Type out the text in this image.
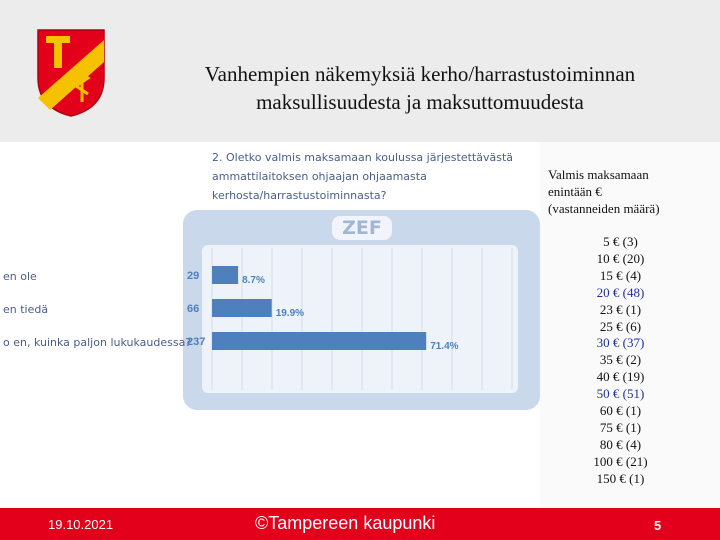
Vanhempien näkemyksiä kerho/harrastustoiminnan
maksullisuudesta ja maksuttomuudesta
2. Oletko valmis maksamaan koulussa järjestettävästä
ammattilaitoksen ohjaajan ohjaamasta
kerhosta/harrastustoiminnasta?
ZEF
en ole	29	8.7%
en tiedä	66	19.9%
o en, kuinka paljon lukukaudessa?
237	71.4%
Valmis maksamaan
enintään €
(vastanneiden määrä)
5 € (3)
10 € (20)
15 € (4)
20 € (48)
23 € (1)
25 € (6)
30 € (37)
35 € (2)
40 € (19)
50 € (51)
60 € (1)
75 € (1)
80 € (4)
100 € (21)
150 € (1)
19.10.2021	©Tampereen kaupunki	5
